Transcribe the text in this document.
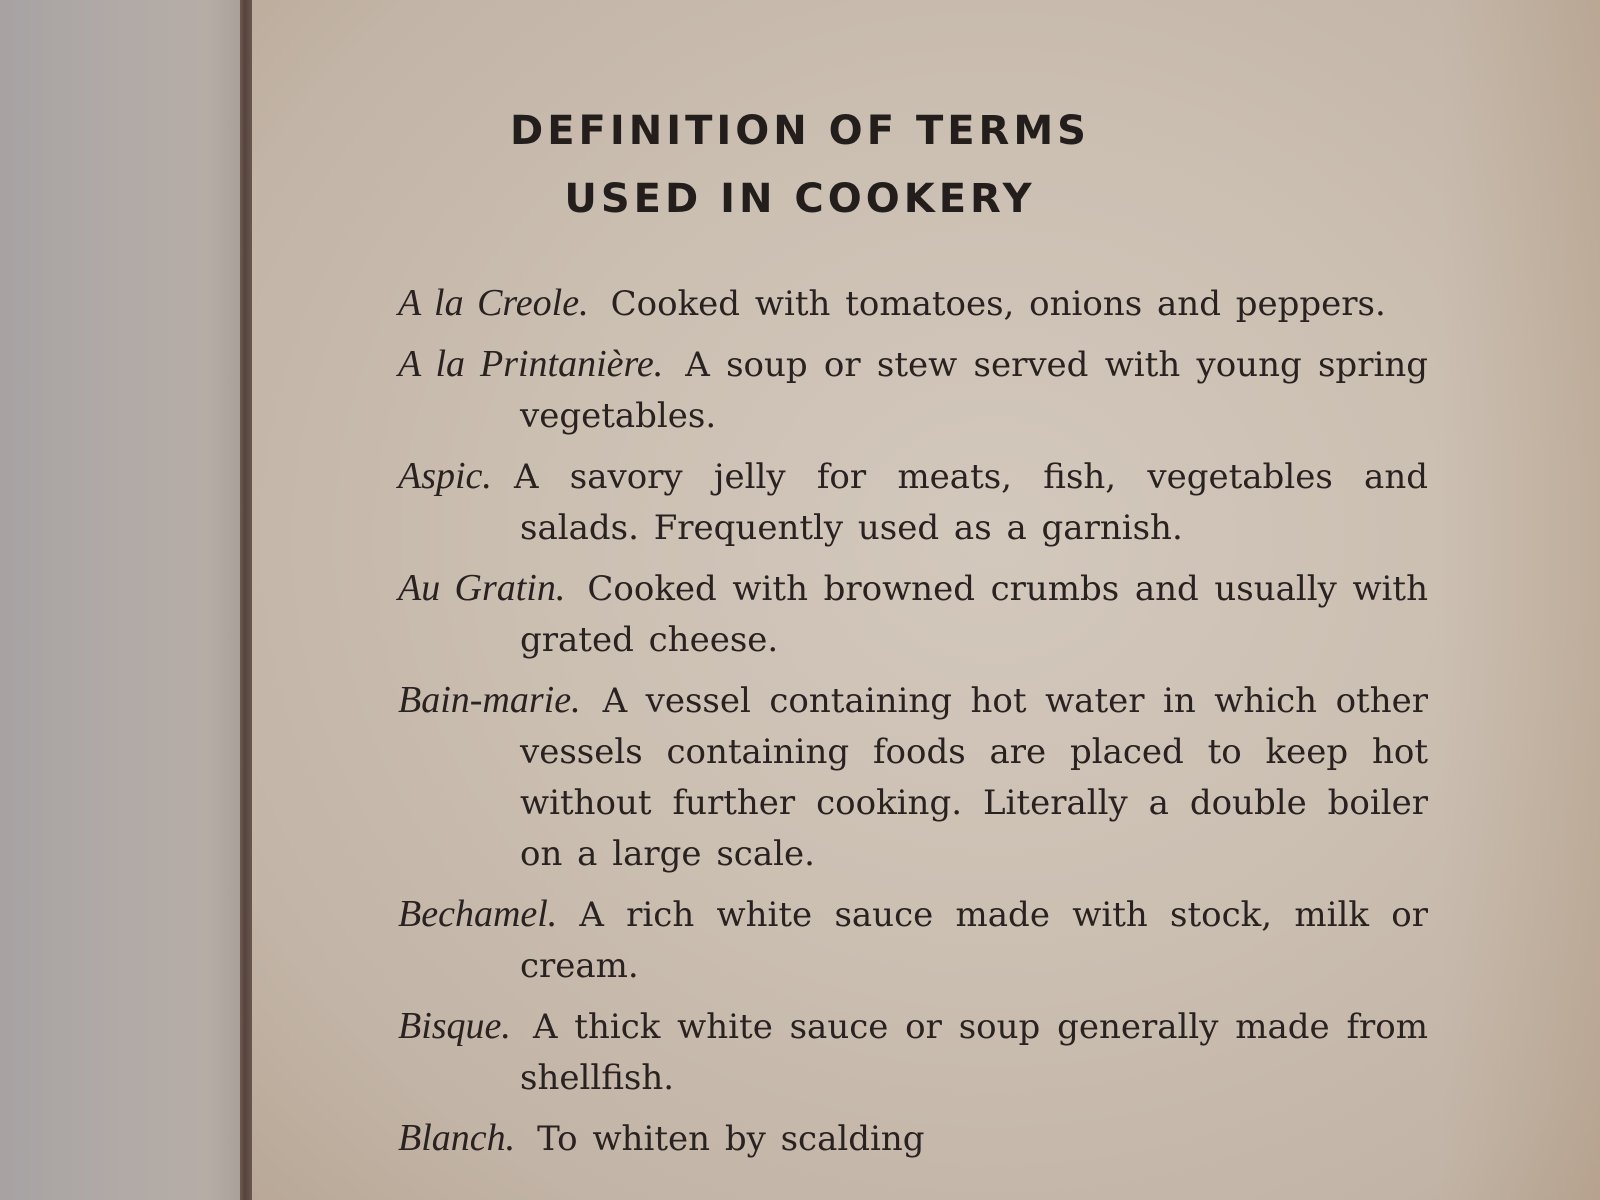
DEFINITION OF TERMS
USED IN COOKERY
A la Creole. Cooked with tomatoes, onions and peppers.
A la Printanière. A soup or stew served with young spring vegetables.
Aspic. A savory jelly for meats, fish, vegetables and salads. Frequently used as a garnish.
Au Gratin. Cooked with browned crumbs and usually with grated cheese.
Bain-marie. A vessel containing hot water in which other vessels containing foods are placed to keep hot without further cooking. Literally a double boiler on a large scale.
Bechamel. A rich white sauce made with stock, milk or cream.
Bisque. A thick white sauce or soup generally made from shellfish.
Blanch. To whiten by scalding
